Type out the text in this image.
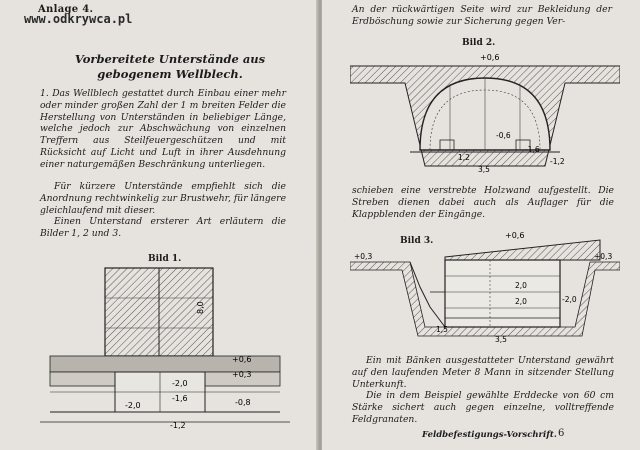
Anlage 4.
www.odkrywca.pl
Vorbereitete Unterstände aus gebogenem Wellblech.
1. Das Wellblech gestattet durch Einbau einer mehr oder minder großen Zahl der 1 m breiten Felder die Herstellung von Unterständen in beliebiger Länge, welche jedoch zur Abschwächung von einzelnen Treffern aus Steilfeuergeschützen und mit Rücksicht auf Licht und Luft in ihrer Ausdehnung einer naturgemäßen Beschränkung unterliegen.
Für kürzere Unterstände empfiehlt sich die Anordnung rechtwinkelig zur Brustwehr, für längere gleichlaufend mit dieser.
Einen Unterstand ersterer Art erläutern die Bilder 1, 2 und 3.
Bild 1.
8,0
+0,6
+0,3
-2,0
-1,6
-2,0	-0,8
-1,2
An der rückwärtigen Seite wird zur Bekleidung der Erdböschung sowie zur Sicherung gegen Ver-
Bild 2.
+0,6
-0,6
-1,6
-1,2
1,2
3,5
schieben eine verstrebte Holzwand aufgestellt. Die Streben dienen dabei auch als Auflager für die Klappblenden der Eingänge.
Bild 3.
+0,6
+0,3	+0,3
-2,0
1,5
3,5
2,0
2,0
Ein mit Bänken ausgestatteter Unterstand gewährt auf den laufenden Meter 8 Mann in sitzender Stellung Unterkunft.
Die in dem Beispiel gewählte Erddecke von 60 cm Stärke sichert auch gegen einzelne, volltreffende Feldgranaten.
Feldbefestigungs-Vorschrift. 6
